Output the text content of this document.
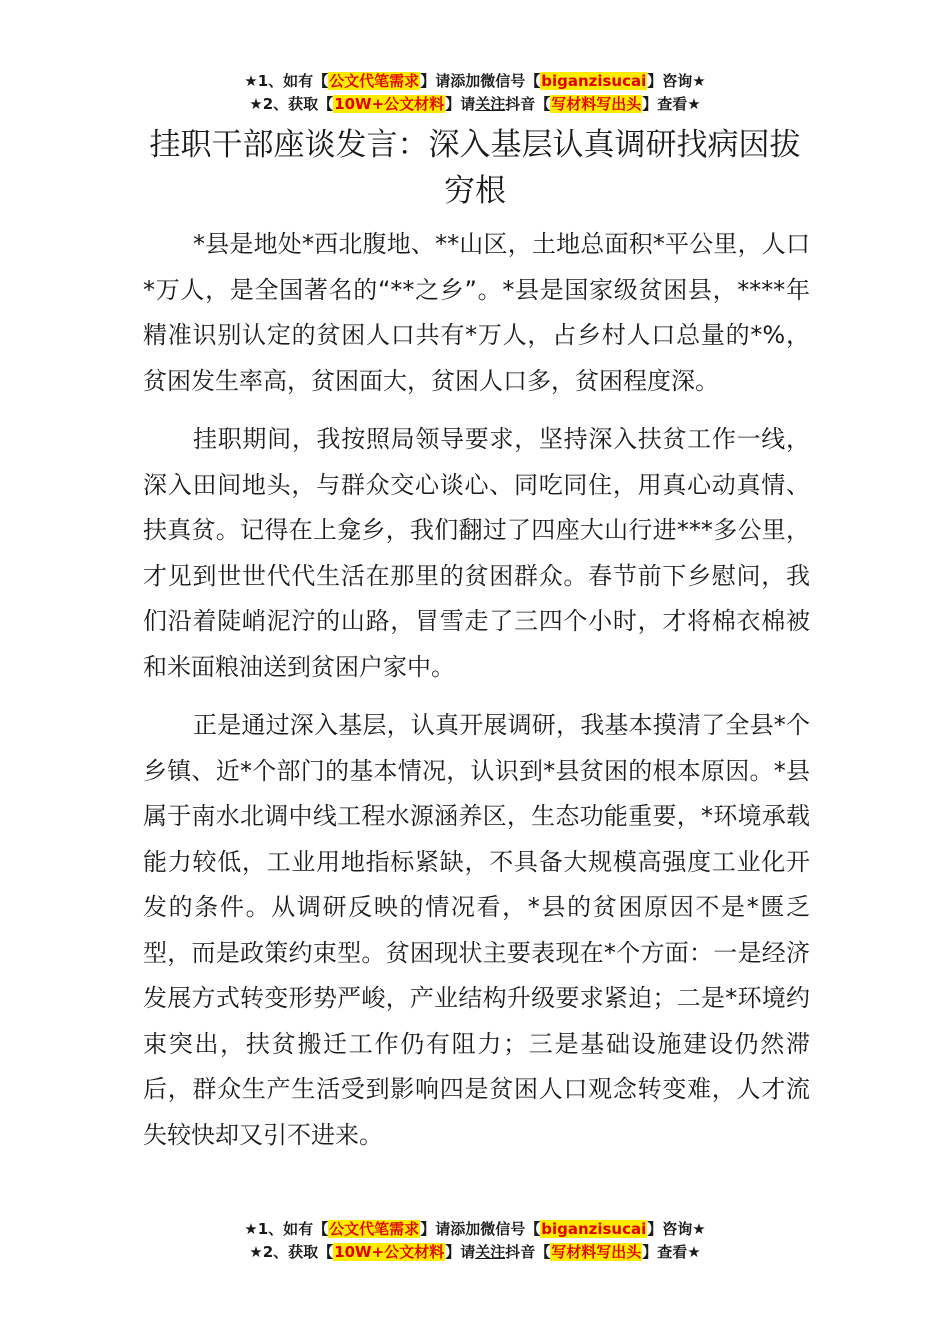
★1、如有【公文代笔需求】请添加微信号【biganzisucai】咨询★
★2、获取【10W+公文材料】请关注抖音【写材料写出头】查看★
挂职干部座谈发言：深入基层认真调研找病因拔穷根

*县是地处*西北腹地、**山区，土地总面积*平公里，人口*万人，是全国著名的“**之乡”。*县是国家级贫困县，****年精准识别认定的贫困人口共有*万人，占乡村人口总量的*%，贫困发生率高，贫困面大，贫困人口多，贫困程度深。

挂职期间，我按照局领导要求，坚持深入扶贫工作一线，深入田间地头，与群众交心谈心、同吃同住，用真心动真情、扶真贫。记得在上龛乡，我们翻过了四座大山行进***多公里，才见到世世代代生活在那里的贫困群众。春节前下乡慰问，我们沿着陡峭泥泞的山路，冒雪走了三四个小时，才将棉衣棉被和米面粮油送到贫困户家中。

正是通过深入基层，认真开展调研，我基本摸清了全县*个乡镇、近*个部门的基本情况，认识到*县贫困的根本原因。*县属于南水北调中线工程水源涵养区，生态功能重要，*环境承载能力较低，工业用地指标紧缺，不具备大规模高强度工业化开发的条件。从调研反映的情况看，*县的贫困原因不是*匮乏型，而是政策约束型。贫困现状主要表现在*个方面：一是经济发展方式转变形势严峻，产业结构升级要求紧迫；二是*环境约束突出，扶贫搬迁工作仍有阻力；三是基础设施建设仍然滞后，群众生产生活受到影响四是贫困人口观念转变难，人才流失较快却又引不进来。

★1、如有【公文代笔需求】请添加微信号【biganzisucai】咨询★
★2、获取【10W+公文材料】请关注抖音【写材料写出头】查看★
